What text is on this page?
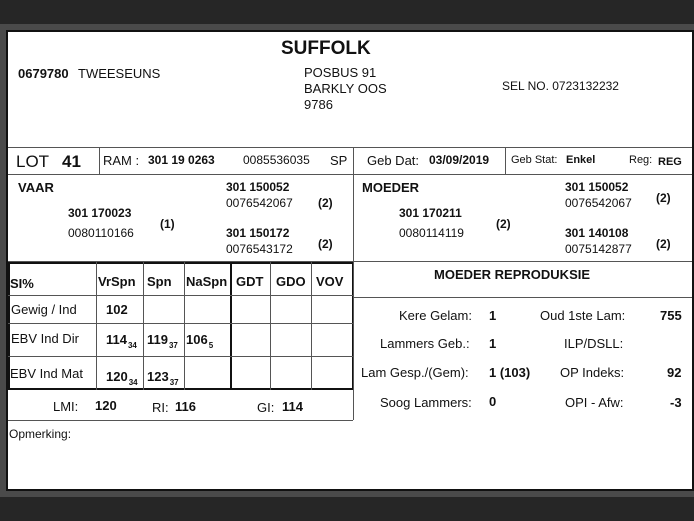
SUFFOLK
0679780 TWEESEUNS	POSBUS 91
BARKLY OOS
9786
SEL NO. 0723132232
LOT 41 RAM : 301 19 0263 0085536035 SP Geb Dat: 03/09/2019 Geb Stat: Enkel	Reg: REG
VAAR
301 170023
0080110166
(1)
301 150052
0076542067 (2)
301 150172
0076543172 (2)
MOEDER
301 170211
0080114119
(2)
301 150052
0076542067 (2)
301 140108
0075142877 (2)
SI%	VrSpn Spn NaSpn GDT GDO VOV
Gewig / Ind 102
EBV Ind Dir $114_{34}$ $119_{37}$ $106_5$
EBV Ind Mat $120_{34}$ $123_{37}$
LMI: 120	RI: 116	GI: 114
MOEDER REPRODUKSIE
Kere Gelam: 1	Oud 1ste Lam:	755
Lammers Geb.: 1	ILP/DSLL:
Lam Gesp./(Gem): 1 (103) OP Indeks:	92
Soog Lammers: 0	OPI - Afw:	-3
Opmerking:
